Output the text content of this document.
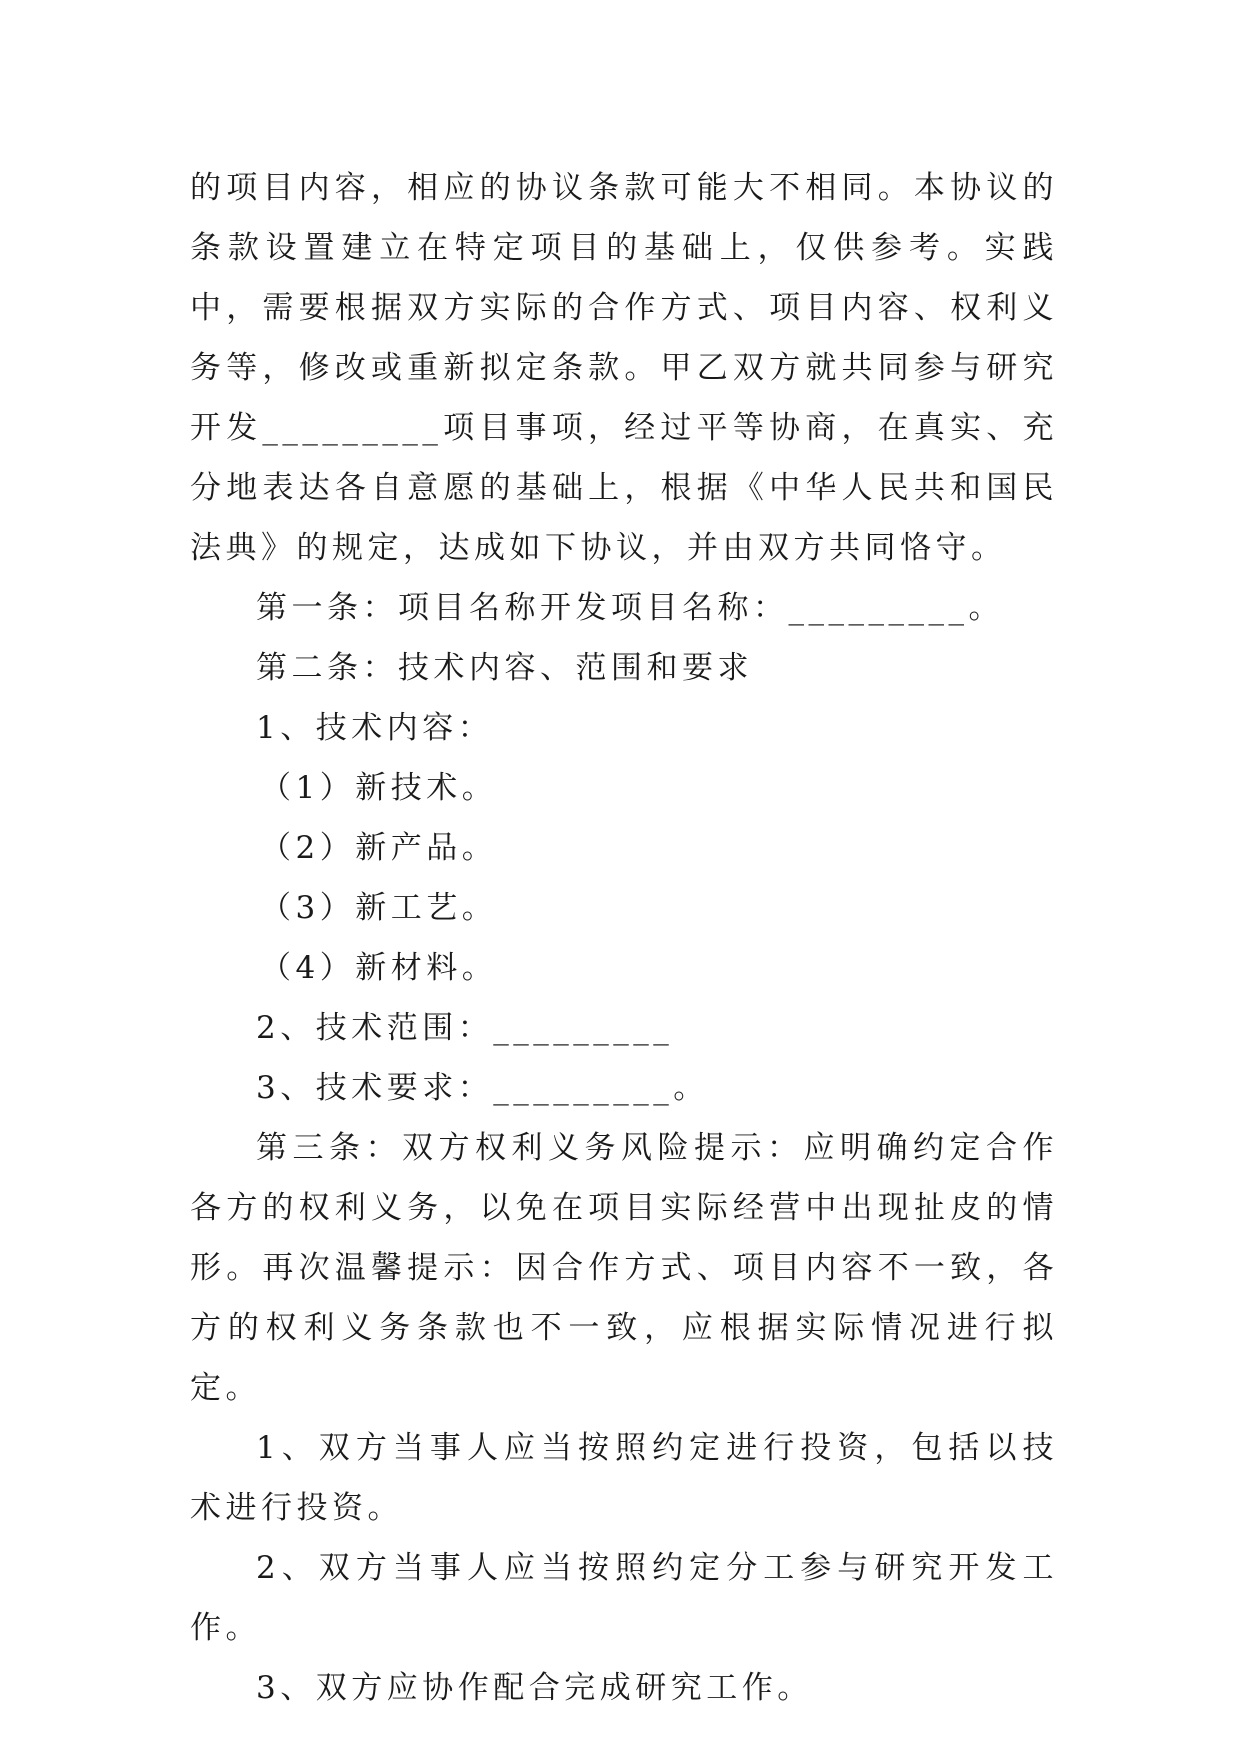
的项目内容，相应的协议条款可能大不相同。本协议的条款设置建立在特定项目的基础上，仅供参考。实践中，需要根据双方实际的合作方式、项目内容、权利义务等，修改或重新拟定条款。甲乙双方就共同参与研究开发_________项目事项，经过平等协商，在真实、充分地表达各自意愿的基础上，根据《中华人民共和国民法典》的规定，达成如下协议，并由双方共同恪守。

第一条：项目名称开发项目名称：_________。

第二条：技术内容、范围和要求

1、技术内容：

（1）新技术。

（2）新产品。

（3）新工艺。

（4）新材料。

2、技术范围：_________

3、技术要求：_________。

第三条：双方权利义务风险提示：应明确约定合作各方的权利义务，以免在项目实际经营中出现扯皮的情形。再次温馨提示：因合作方式、项目内容不一致，各方的权利义务条款也不一致，应根据实际情况进行拟定。

1、双方当事人应当按照约定进行投资，包括以技术进行投资。

2、双方当事人应当按照约定分工参与研究开发工作。

3、双方应协作配合完成研究工作。
